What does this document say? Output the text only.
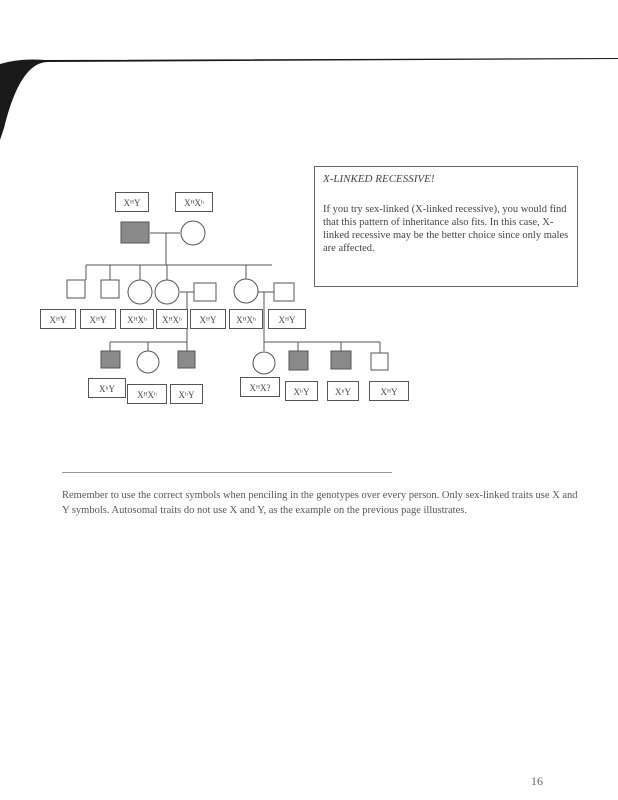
XᴴY	XᴴXʰ
XᴴY	XᴴY	XᴴXʰ	XᴴXʰ	XᴴY	XᴴXʰ	XᴴY
XʰY
XᴴXʰ	XʰY
XᴴX?	XʰY	XʰY	XᴴY

X-LINKED RECESSIVE!

If you try sex-linked (X-linked recessive), you would find that this pattern of inheritance also fits. In this case, X-linked recessive may be the better choice since only males are affected.

Remember to use the correct symbols when penciling in the genotypes over every person. Only sex-linked traits use X and Y symbols. Autosomal traits do not use X and Y, as the example on the previous page illustrates.

16
